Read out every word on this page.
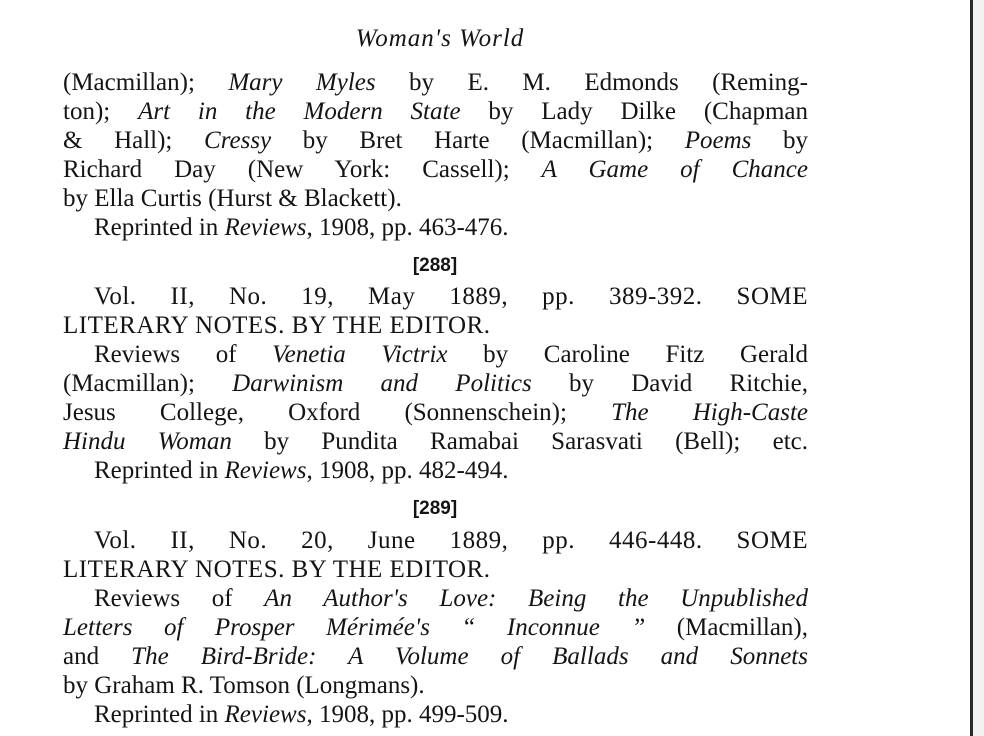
Woman's World
(Macmillan); Mary Myles by E. M. Edmonds (Reming-
ton); Art in the Modern State by Lady Dilke (Chapman
& Hall); Cressy by Bret Harte (Macmillan); Poems by
Richard Day (New York: Cassell); A Game of Chance
by Ella Curtis (Hurst & Blackett).
Reprinted in Reviews, 1908, pp. 463-476.
[288]
Vol. II, No. 19, May 1889, pp. 389-392. SOME
LITERARY NOTES. BY THE EDITOR.
Reviews of Venetia Victrix by Caroline Fitz Gerald
(Macmillan); Darwinism and Politics by David Ritchie,
Jesus College, Oxford (Sonnenschein); The High-Caste
Hindu Woman by Pundita Ramabai Sarasvati (Bell); etc.
Reprinted in Reviews, 1908, pp. 482-494.
[289]
Vol. II, No. 20, June 1889, pp. 446-448. SOME
LITERARY NOTES. BY THE EDITOR.
Reviews of An Author's Love: Being the Unpublished
Letters of Prosper Mérimée's “ Inconnue ” (Macmillan),
and The Bird-Bride: A Volume of Ballads and Sonnets
by Graham R. Tomson (Longmans).
Reprinted in Reviews, 1908, pp. 499-509.
